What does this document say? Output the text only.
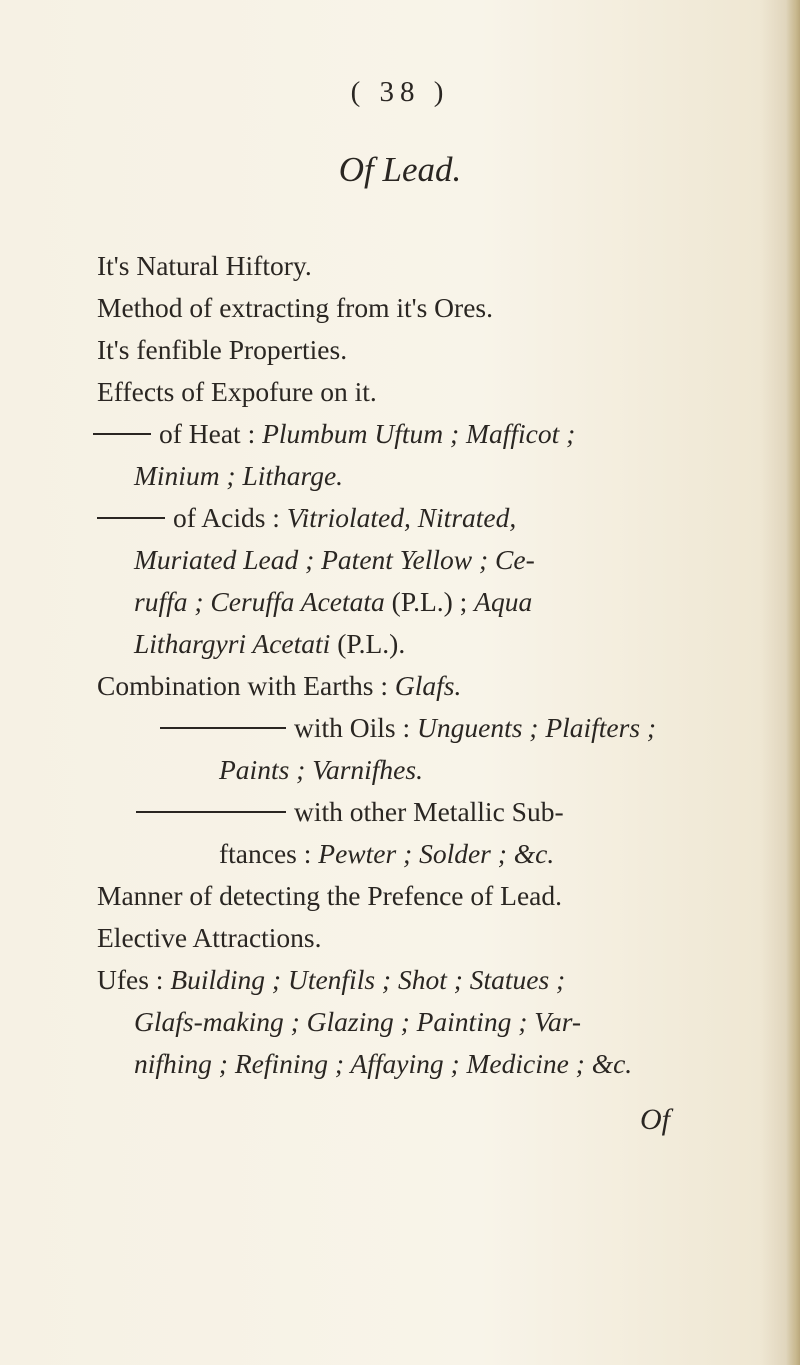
( 38 )
Of Lead.
It's Natural Hiftory.
Method of extracting from it's Ores.
It's fenfible Properties.
Effects of Expofure on it.
of Heat : Plumbum Uftum ; Mafficot ;
Minium ; Litharge.
of Acids : Vitriolated, Nitrated,
Muriated Lead ; Patent Yellow ; Ce-
ruffa ; Ceruffa Acetata (P.L.) ; Aqua
Lithargyri Acetati (P.L.).
Combination with Earths : Glafs.
with Oils : Unguents ; Plaifters ;
Paints ; Varnifhes.
with other Metallic Sub-
ftances : Pewter ; Solder ; &c.
Manner of detecting the Prefence of Lead.
Elective Attractions.
Ufes : Building ; Utenfils ; Shot ; Statues ;
Glafs-making ; Glazing ; Painting ; Var-
nifhing ; Refining ; Affaying ; Medicine ; &c.
Of
